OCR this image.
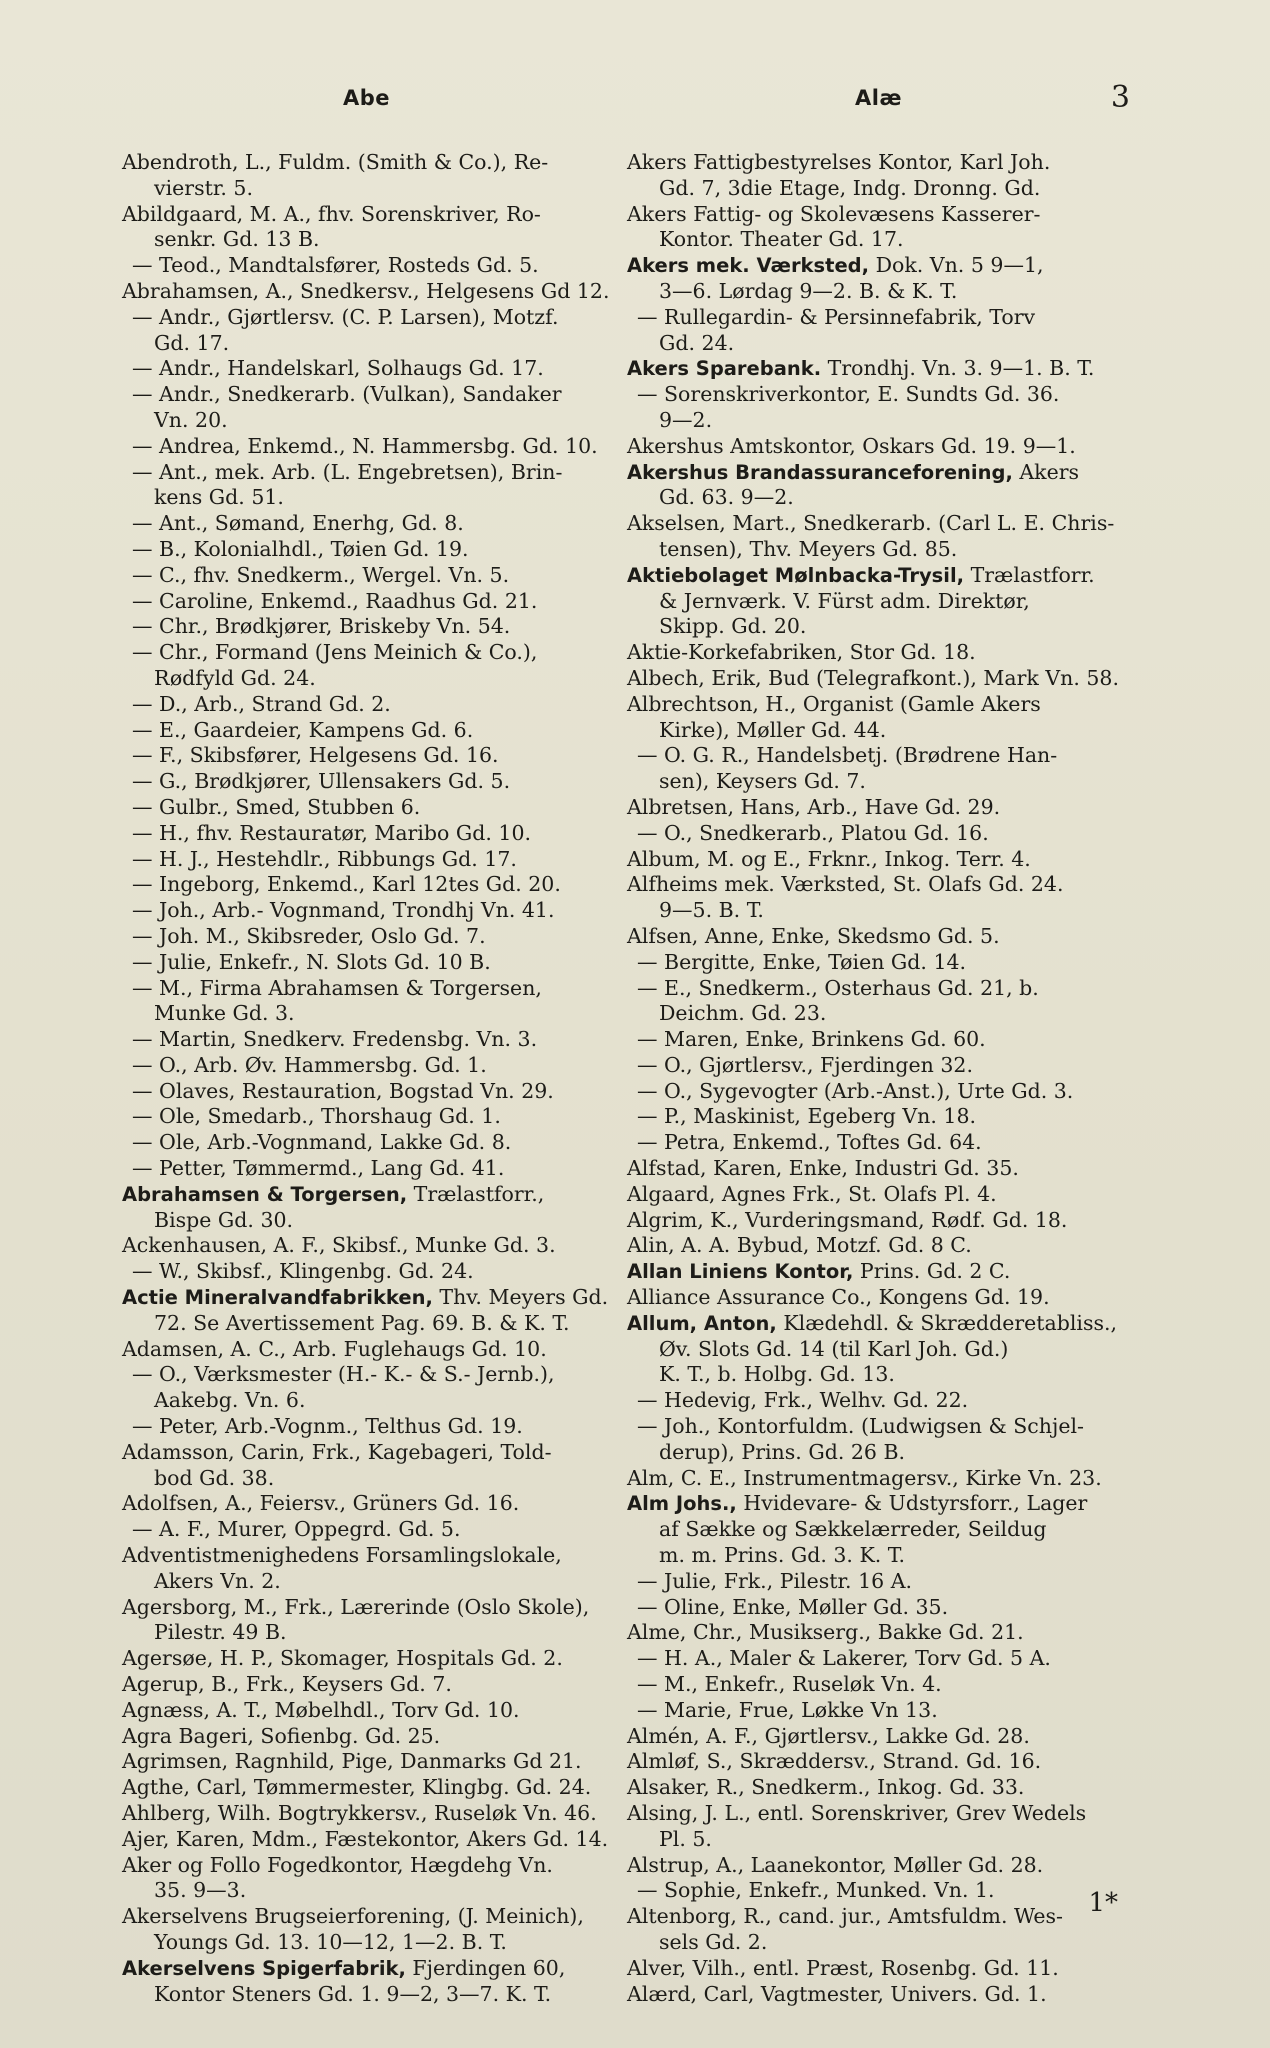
Abe	Alæ	3
Abendroth, L., Fuldm. (Smith & Co.), Re-
vierstr. 5.
Abildgaard, M. A., fhv. Sorenskriver, Ro-
senkr. Gd. 13 B.
— Teod., Mandtalsfører, Rosteds Gd. 5.
Abrahamsen, A., Snedkersv., Helgesens Gd 12.
— Andr., Gjørtlersv. (C. P. Larsen), Motzf.
Gd. 17.
— Andr., Handelskarl, Solhaugs Gd. 17.
— Andr., Snedkerarb. (Vulkan), Sandaker
Vn. 20.
— Andrea, Enkemd., N. Hammersbg. Gd. 10.
— Ant., mek. Arb. (L. Engebretsen), Brin-
kens Gd. 51.
— Ant., Sømand, Enerhg, Gd. 8.
— B., Kolonialhdl., Tøien Gd. 19.
— C., fhv. Snedkerm., Wergel. Vn. 5.
— Caroline, Enkemd., Raadhus Gd. 21.
— Chr., Brødkjører, Briskeby Vn. 54.
— Chr., Formand (Jens Meinich & Co.),
Rødfyld Gd. 24.
— D., Arb., Strand Gd. 2.
— E., Gaardeier, Kampens Gd. 6.
— F., Skibsfører, Helgesens Gd. 16.
— G., Brødkjører, Ullensakers Gd. 5.
— Gulbr., Smed, Stubben 6.
— H., fhv. Restauratør, Maribo Gd. 10.
— H. J., Hestehdlr., Ribbungs Gd. 17.
— Ingeborg, Enkemd., Karl 12tes Gd. 20.
— Joh., Arb.- Vognmand, Trondhj Vn. 41.
— Joh. M., Skibsreder, Oslo Gd. 7.
— Julie, Enkefr., N. Slots Gd. 10 B.
— M., Firma Abrahamsen & Torgersen,
Munke Gd. 3.
— Martin, Snedkerv. Fredensbg. Vn. 3.
— O., Arb. Øv. Hammersbg. Gd. 1.
— Olaves, Restauration, Bogstad Vn. 29.
— Ole, Smedarb., Thorshaug Gd. 1.
— Ole, Arb.-Vognmand, Lakke Gd. 8.
— Petter, Tømmermd., Lang Gd. 41.
Abrahamsen & Torgersen, Trælastforr.,
Bispe Gd. 30.
Ackenhausen, A. F., Skibsf., Munke Gd. 3.
— W., Skibsf., Klingenbg. Gd. 24.
Actie Mineralvandfabrikken, Thv. Meyers Gd.
72. Se Avertissement Pag. 69. B. & K. T.
Adamsen, A. C., Arb. Fuglehaugs Gd. 10.
— O., Værksmester (H.- K.- & S.- Jernb.),
Aakebg. Vn. 6.
— Peter, Arb.-Vognm., Telthus Gd. 19.
Adamsson, Carin, Frk., Kagebageri, Told-
bod Gd. 38.
Adolfsen, A., Feiersv., Grüners Gd. 16.
— A. F., Murer, Oppegrd. Gd. 5.
Adventistmenighedens Forsamlingslokale,
Akers Vn. 2.
Agersborg, M., Frk., Lærerinde (Oslo Skole),
Pilestr. 49 B.
Agersøe, H. P., Skomager, Hospitals Gd. 2.
Agerup, B., Frk., Keysers Gd. 7.
Agnæss, A. T., Møbelhdl., Torv Gd. 10.
Agra Bageri, Sofienbg. Gd. 25.
Agrimsen, Ragnhild, Pige, Danmarks Gd 21.
Agthe, Carl, Tømmermester, Klingbg. Gd. 24.
Ahlberg, Wilh. Bogtrykkersv., Ruseløk Vn. 46.
Ajer, Karen, Mdm., Fæstekontor, Akers Gd. 14.
Aker og Follo Fogedkontor, Hægdehg Vn.
35. 9—3.
Akerselvens Brugseierforening, (J. Meinich),
Youngs Gd. 13. 10—12, 1—2. B. T.
Akerselvens Spigerfabrik, Fjerdingen 60,
Kontor Steners Gd. 1. 9—2, 3—7. K. T.
Akers Fattigbestyrelses Kontor, Karl Joh.
Gd. 7, 3die Etage, Indg. Dronng. Gd.
Akers Fattig- og Skolevæsens Kasserer-
Kontor. Theater Gd. 17.
Akers mek. Værksted, Dok. Vn. 5 9—1,
3—6. Lørdag 9—2. B. & K. T.
— Rullegardin- & Persinnefabrik, Torv
Gd. 24.
Akers Sparebank. Trondhj. Vn. 3. 9—1. B. T.
— Sorenskriverkontor, E. Sundts Gd. 36.
9—2.
Akershus Amtskontor, Oskars Gd. 19. 9—1.
Akershus Brandassuranceforening, Akers
Gd. 63. 9—2.
Akselsen, Mart., Snedkerarb. (Carl L. E. Chris-
tensen), Thv. Meyers Gd. 85.
Aktiebolaget Mølnbacka-Trysil, Trælastforr.
& Jernværk. V. Fürst adm. Direktør,
Skipp. Gd. 20.
Aktie-Korkefabriken, Stor Gd. 18.
Albech, Erik, Bud (Telegrafkont.), Mark Vn. 58.
Albrechtson, H., Organist (Gamle Akers
Kirke), Møller Gd. 44.
— O. G. R., Handelsbetj. (Brødrene Han-
sen), Keysers Gd. 7.
Albretsen, Hans, Arb., Have Gd. 29.
— O., Snedkerarb., Platou Gd. 16.
Album, M. og E., Frknr., Inkog. Terr. 4.
Alfheims mek. Værksted, St. Olafs Gd. 24.
9—5. B. T.
Alfsen, Anne, Enke, Skedsmo Gd. 5.
— Bergitte, Enke, Tøien Gd. 14.
— E., Snedkerm., Osterhaus Gd. 21, b.
Deichm. Gd. 23.
— Maren, Enke, Brinkens Gd. 60.
— O., Gjørtlersv., Fjerdingen 32.
— O., Sygevogter (Arb.-Anst.), Urte Gd. 3.
— P., Maskinist, Egeberg Vn. 18.
— Petra, Enkemd., Toftes Gd. 64.
Alfstad, Karen, Enke, Industri Gd. 35.
Algaard, Agnes Frk., St. Olafs Pl. 4.
Algrim, K., Vurderingsmand, Rødf. Gd. 18.
Alin, A. A. Bybud, Motzf. Gd. 8 C.
Allan Liniens Kontor, Prins. Gd. 2 C.
Alliance Assurance Co., Kongens Gd. 19.
Allum, Anton, Klædehdl. & Skrædderetabliss.,
Øv. Slots Gd. 14 (til Karl Joh. Gd.)
K. T., b. Holbg. Gd. 13.
— Hedevig, Frk., Welhv. Gd. 22.
— Joh., Kontorfuldm. (Ludwigsen & Schjel-
derup), Prins. Gd. 26 B.
Alm, C. E., Instrumentmagersv., Kirke Vn. 23.
Alm Johs., Hvidevare- & Udstyrsforr., Lager
af Sække og Sækkelærreder, Seildug
m. m. Prins. Gd. 3. K. T.
— Julie, Frk., Pilestr. 16 A.
— Oline, Enke, Møller Gd. 35.
Alme, Chr., Musikserg., Bakke Gd. 21.
— H. A., Maler & Lakerer, Torv Gd. 5 A.
— M., Enkefr., Ruseløk Vn. 4.
— Marie, Frue, Løkke Vn 13.
Almén, A. F., Gjørtlersv., Lakke Gd. 28.
Almløf, S., Skræddersv., Strand. Gd. 16.
Alsaker, R., Snedkerm., Inkog. Gd. 33.
Alsing, J. L., entl. Sorenskriver, Grev Wedels
Pl. 5.
Alstrup, A., Laanekontor, Møller Gd. 28.
— Sophie, Enkefr., Munked. Vn. 1.
Altenborg, R., cand. jur., Amtsfuldm. Wes-
sels Gd. 2.
Alver, Vilh., entl. Præst, Rosenbg. Gd. 11.
Alærd, Carl, Vagtmester, Univers. Gd. 1.
1*
